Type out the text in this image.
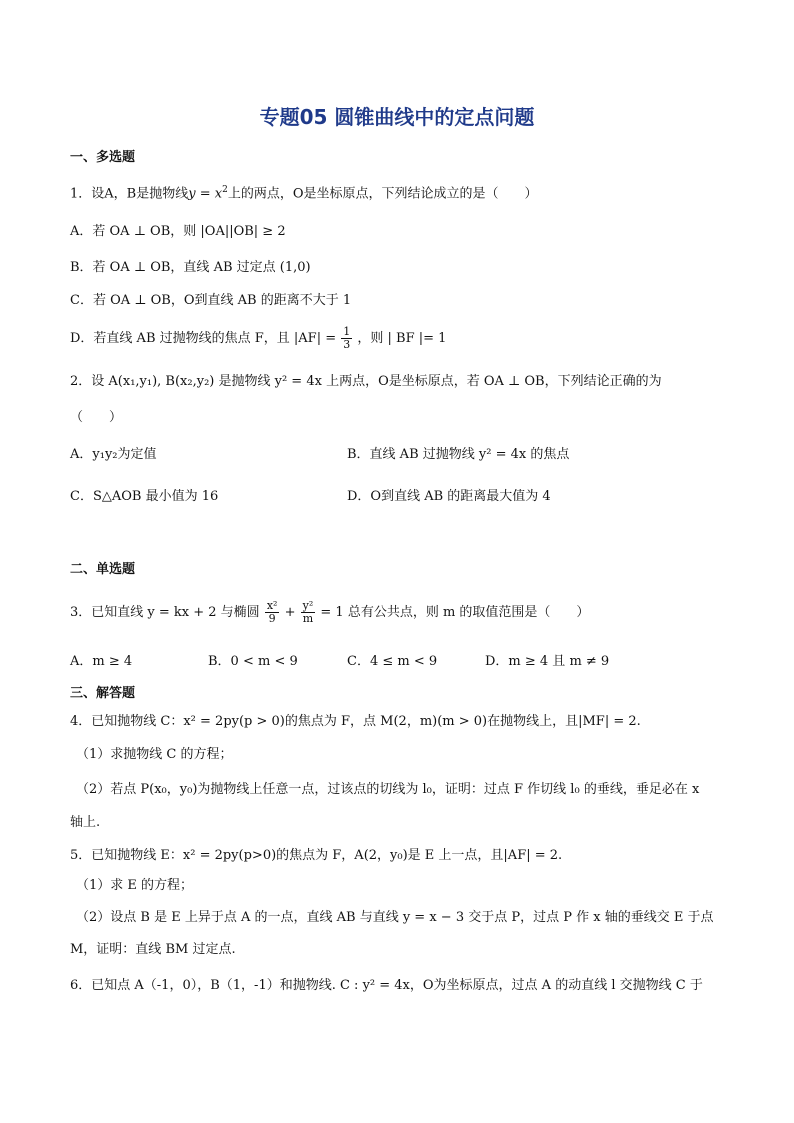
专题05 圆锥曲线中的定点问题
一、多选题
1．设A，B是抛物线$y = x^2$上的两点，O是坐标原点，下列结论成立的是（　　）
A．若 OA ⊥ OB，则 |OA||OB| ≥ 2
B．若 OA ⊥ OB，直线 AB 过定点 (1,0)
C．若 OA ⊥ OB，O到直线 AB 的距离不大于 1
D．若直线 AB 过抛物线的焦点 F，且 $|AF| = \frac{1}{3}$ ，则 | BF |= 1
2．设 A(x₁,y₁), B(x₂,y₂) 是抛物线 y² = 4x 上两点，O是坐标原点，若 OA ⊥ OB，下列结论正确的为
（　　）
A．y₁y₂为定值	B．直线 AB 过抛物线 y² = 4x 的焦点
C．S△AOB 最小值为 16	D．O到直线 AB 的距离最大值为 4
二、单选题
3．已知直线 y = kx + 2 与椭圆 $\frac{\text{x²}}{9} + \frac{\text{y²}}{m} = 1$ 总有公共点，则 m 的取值范围是（　　）
A．m ≥ 4	B．0 < m < 9	C．4 ≤ m < 9	D．m ≥ 4 且 m ≠ 9
三、解答题
4．已知抛物线 C：x² = 2py(p > 0)的焦点为 F，点 M(2，m)(m > 0)在抛物线上，且|MF| = 2.
（1）求抛物线 C 的方程；
（2）若点 P(x₀，y₀)为抛物线上任意一点，过该点的切线为 l₀，证明：过点 F 作切线 l₀ 的垂线，垂足必在 x
轴上.
5．已知抛物线 E：x² = 2py(p>0)的焦点为 F，A(2，y₀)是 E 上一点，且|AF| = 2.
（1）求 E 的方程；
（2）设点 B 是 E 上异于点 A 的一点，直线 AB 与直线 y = x − 3 交于点 P，过点 P 作 x 轴的垂线交 E 于点
M，证明：直线 BM 过定点.
6．已知点 A（-1，0），B（1，-1）和抛物线. C : y² = 4x，O为坐标原点，过点 A 的动直线 l 交抛物线 C 于
